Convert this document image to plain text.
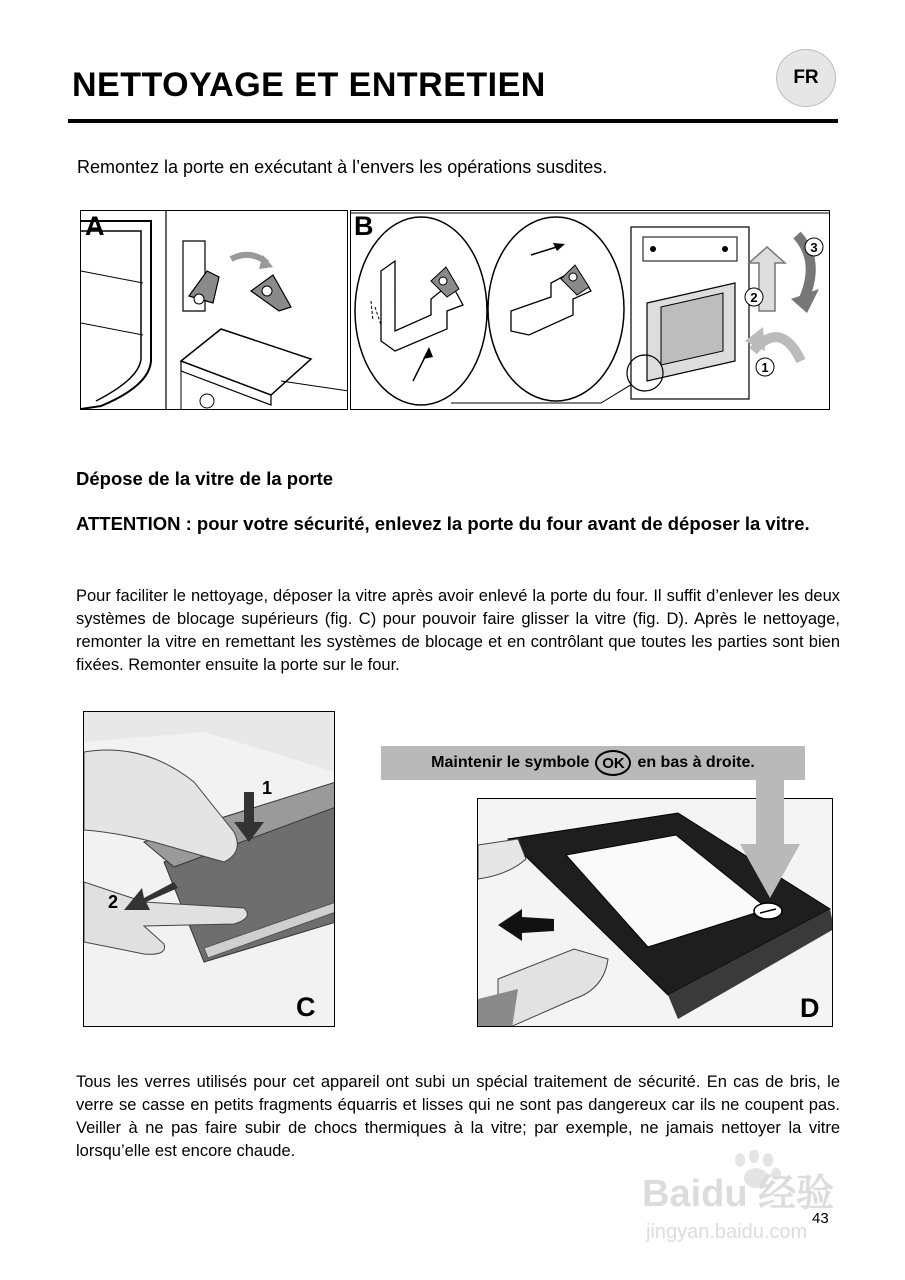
NETTOYAGE ET ENTRETIEN	FR
Remontez la porte en exécutant à l’envers les opérations susdites.
A
3
2
1
B
Dépose de la vitre de la porte

ATTENTION : pour votre sécurité, enlevez la porte du four avant de déposer la vitre.

Pour faciliter le nettoyage, déposer la vitre après avoir enlevé la porte du four. Il suffit d’enlever les deux systèmes de blocage supérieurs (fig. C) pour pouvoir faire glisser la vitre (fig. D). Après le nettoyage, remonter la vitre en remettant les systèmes de blocage et en contrôlant que toutes les parties sont bien fixées. Remonter ensuite la porte sur le four.

1
2
C
Maintenir le symbole OK en bas à droite.
D

Tous les verres utilisés pour cet appareil ont subi un spécial traitement de sécurité. En cas de bris, le verre se casse en petits fragments équarris et lisses qui ne sont pas dangereux car ils ne coupent pas. Veiller à ne pas faire subir de chocs thermiques à la vitre; par exemple, ne jamais nettoyer la vitre lorsqu’elle est encore chaude.

Baidu 经验
jingyan.baidu.com
43
